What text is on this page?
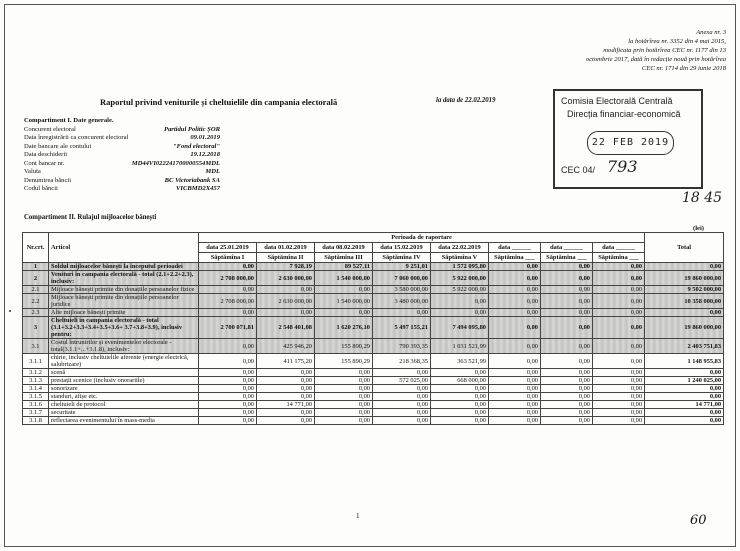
Anexa nr. 3
la hotărîrea nr. 3352 din 4 mai 2015,
modificata prin hotărîrea CEC nr. 1177 din 13
octombrie 2017, dată în redacție nouă prin hotărîrea
CEC nr. 1714 din 29 iunie 2018
Raportul privind veniturile și cheltuielile din campania electorală	la data de 22.02.2019	Comisia Electorală Centrală
Direcția financiar-economică
22 FEB 2019
CEC 04/ 793
18 45
Compartiment I. Date generale.
Concurent electoral	Partidul Politic ȘOR
Data înregistrării ca concurent electoral	09.01.2019
Date bancare ale contului	"Fond electoral"
Data deschiderii	19.12.2018
Cont bancar nr.	MD44VI022241700000554MDL
Valuta	MDL
Denumirea băncii	BC Victoriabank SA
Codul băncii	VICBMD2X457
Compartiment II. Rulajul mijloacelor bănești
(lei)
Nr.crt.	Articol	Perioada de raportare								Total
		data 25.01.2019	data 01.02.2019	data 08.02.2019	data 15.02.2019	data 22.02.2019	data ______	data ______	data ______	
		Săptămîna I	Săptămîna II	Săptămîna III	Săptămîna IV	Săptămîna V	Săptămîna ___	Săptămîna ___	Săptămîna ___	
1	Soldul mijloacelor bănești la începutul perioadei	0,00	7 928,19	89 527,11	9 251,01	1 572 095,80	0,00	0,00	0,00	0,00
2	Venituri în campania electorală - total (2.1+2.2+2.3), inclusiv:	2 708 000,00	2 630 000,00	1 540 000,00	7 060 000,00	5 922 000,00	0,00	0,00	0,00	19 860 000,00
2.1	Mijloace bănești primite din donațiile persoanelor fizice	0,00	0,00	0,00	3 580 000,00	5 922 000,00	0,00	0,00	0,00	9 502 000,00
2.2	Mijloace bănești primite din donațiile persoanelor juridice	2 708 000,00	2 630 000,00	1 540 000,00	3 480 000,00	0,00	0,00	0,00	0,00	10 358 000,00
2.3	Alte mijloace bănești primite	0,00	0,00	0,00	0,00	0,00	0,00	0,00	0,00	0,00
3	Cheltuieli în campania electorală - total (3.1+3.2+3.3+3.4+3.5+3.6+ 3.7+3.8+3.9), inclusiv pentru:	2 700 071,81	2 548 401,08	1 620 276,10	5 497 155,21	7 494 095,80	0,00	0,00	0,00	19 860 000,00
3.1	Costul întrunirilor și evenimentelor electorale - total(3.1.1+...+3.1.8), inclusiv:	0,00	425 946,20	155 890,29	790 393,35	1 031 521,99	0,00	0,00	0,00	2 403 751,83
3.1.1	chirie, inclusiv cheltuielile aferente (energie electrică, salubrizare)	0,00	411 175,20	155 890,29	218 368,35	363 521,99	0,00	0,00	0,00	1 148 955,83
3.1.2	scenă	0,00	0,00	0,00	0,00	0,00	0,00	0,00	0,00	0,00
3.1.3	prestații scenice (inclusiv onorariile)	0,00	0,00	0,00	572 025,00	668 000,00	0,00	0,00	0,00	1 240 025,00
3.1.4	sonorizare	0,00	0,00	0,00	0,00	0,00	0,00	0,00	0,00	0,00
3.1.5	standuri, afișe etc.	0,00	0,00	0,00	0,00	0,00	0,00	0,00	0,00	0,00
3.1.6	cheltuieli de protocol	0,00	14 771,00	0,00	0,00	0,00	0,00	0,00	0,00	14 771,00
3.1.7	securitate	0,00	0,00	0,00	0,00	0,00	0,00	0,00	0,00	0,00
3.1.8	reflectarea evenimentului în mass-media	0,00	0,00	0,00	0,00	0,00	0,00	0,00	0,00	0,00
1	60
